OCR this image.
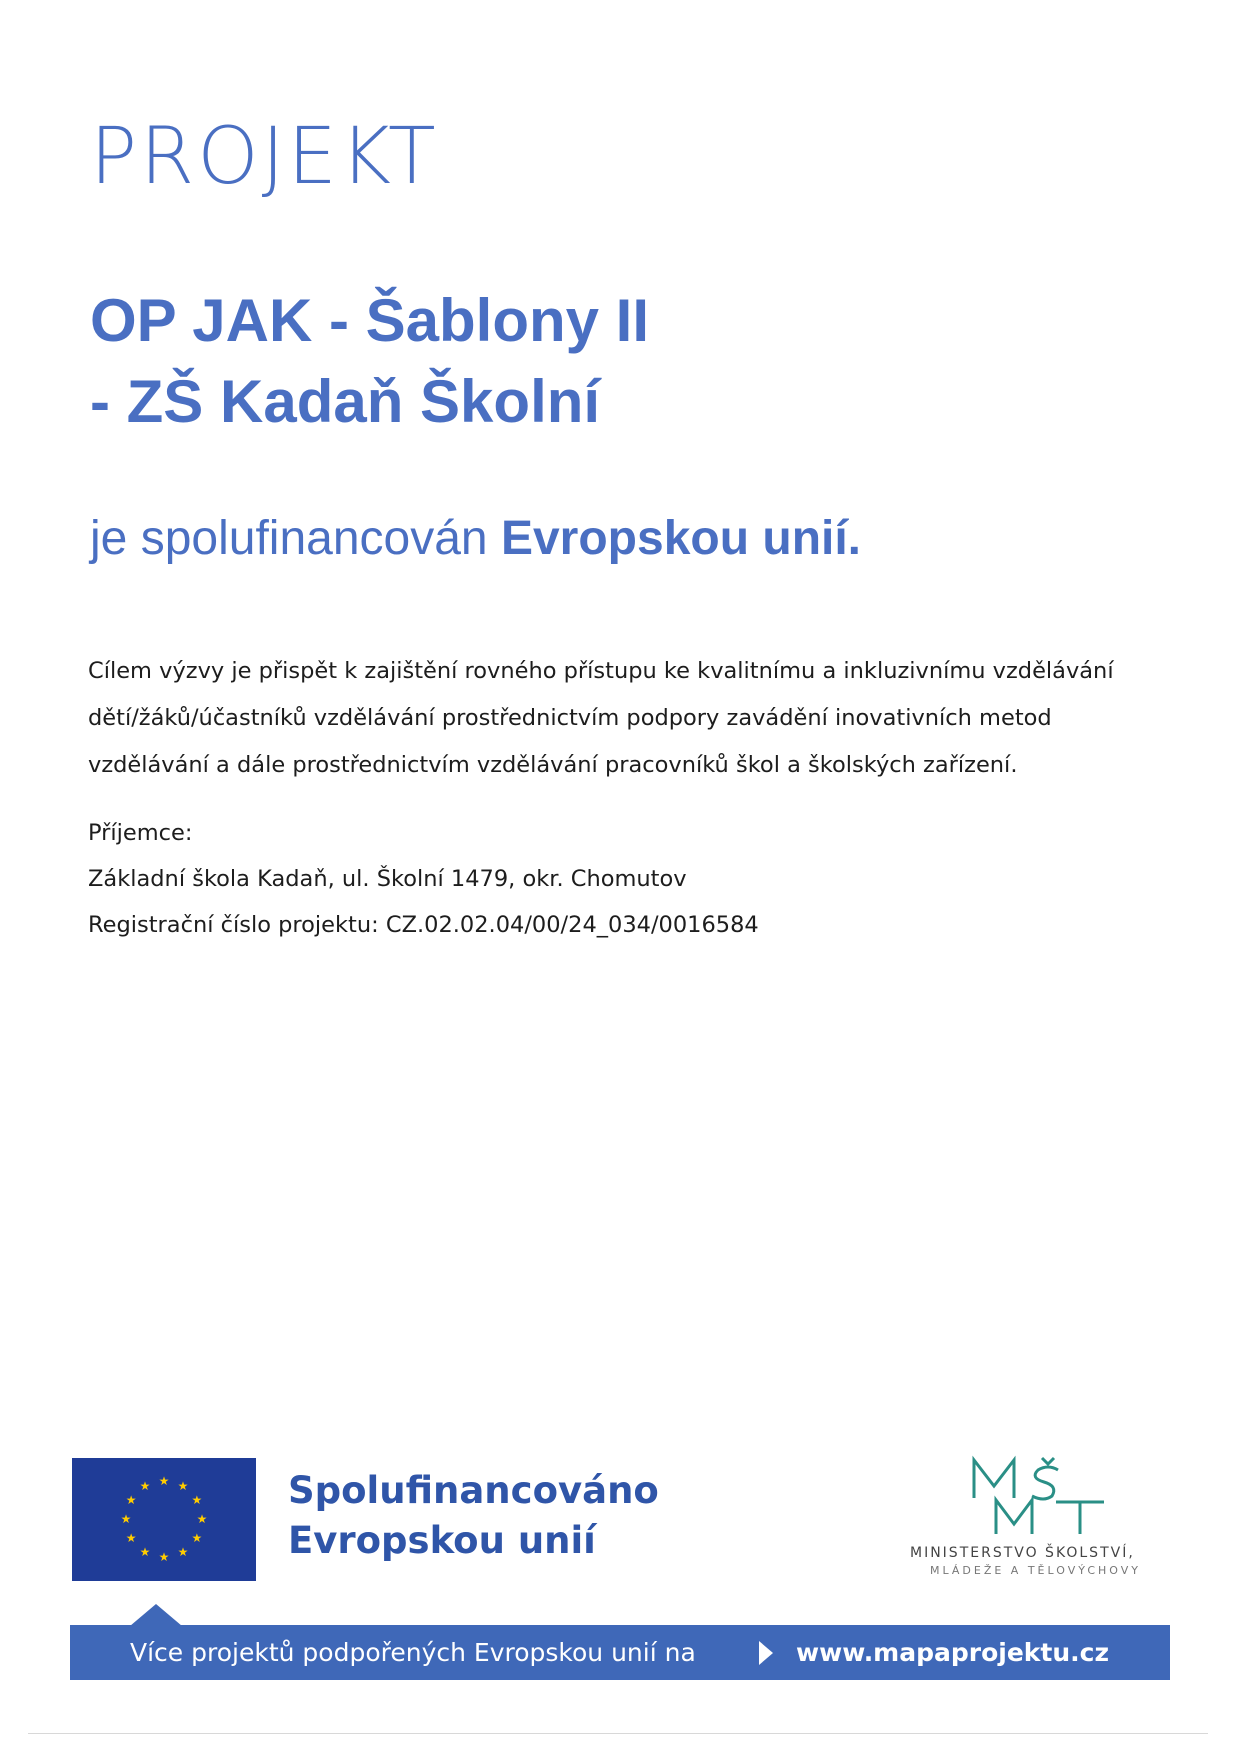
PROJEKT
OP JAK - Šablony II
- ZŠ Kadaň Školní
je spolufinancován Evropskou unií.

Cílem výzvy je přispět k zajištění rovného přístupu ke kvalitnímu a inkluzivnímu vzdělávání

dětí/žáků/účastníků vzdělávání prostřednictvím podpory zavádění inovativních metod

vzdělávání a dále prostřednictvím vzdělávání pracovníků škol a školských zařízení.

Příjemce:

Základní škola Kadaň, ul. Školní 1479, okr. Chomutov

Registrační číslo projektu: CZ.02.02.04/00/24_034/0016584

★ ★
★
★
★
★
★
★
★
★
★
★	Spolufinancováno
Evropskou unií	MINISTERSTVO ŠKOLSTVÍ,
MLÁDEŽE A TĚLOVÝCHOVY
Více projektů podpořených Evropskou unií na	www.mapaprojektu.cz
